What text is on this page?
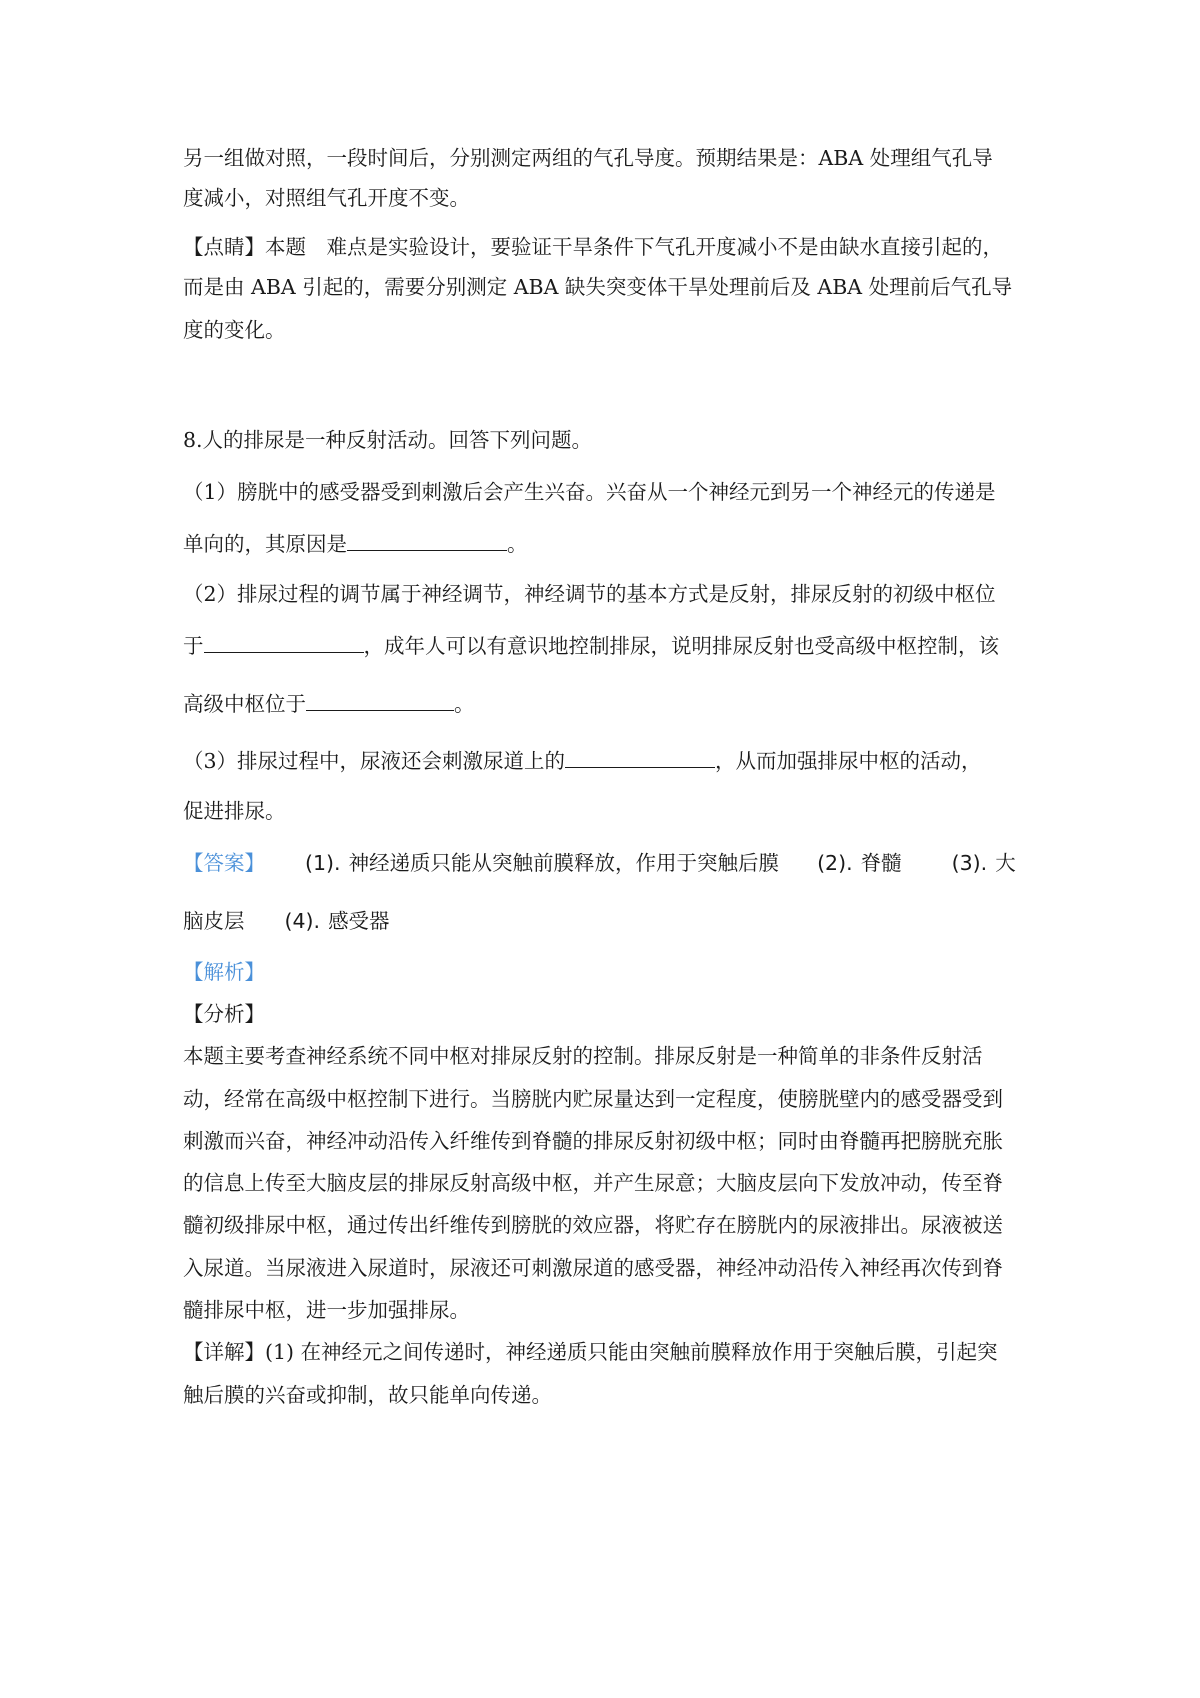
另一组做对照，一段时间后，分别测定两组的气孔导度。预期结果是：ABA 处理组气孔导
度减小，对照组气孔开度不变。
【点睛】本题　难点是实验设计，要验证干旱条件下气孔开度减小不是由缺水直接引起的，
而是由 ABA 引起的，需要分别测定 ABA 缺失突变体干旱处理前后及 ABA 处理前后气孔导
度的变化。
8.人的排尿是一种反射活动。回答下列问题。
（1）膀胱中的感受器受到刺激后会产生兴奋。兴奋从一个神经元到另一个神经元的传递是
单向的，其原因是	。
（2）排尿过程的调节属于神经调节，神经调节的基本方式是反射，排尿反射的初级中枢位
于	，成年人可以有意识地控制排尿，说明排尿反射也受高级中枢控制，该
高级中枢位于	。
（3）排尿过程中，尿液还会刺激尿道上的	，从而加强排尿中枢的活动，
促进排尿。
【答案】 (1). 神经递质只能从突触前膜释放，作用于突触后膜 (2). 脊髓 (3). 大
脑皮层 (4). 感受器
【解析】
【分析】
本题主要考查神经系统不同中枢对排尿反射的控制。排尿反射是一种简单的非条件反射活
动，经常在高级中枢控制下进行。当膀胱内贮尿量达到一定程度，使膀胱壁内的感受器受到
刺激而兴奋，神经冲动沿传入纤维传到脊髓的排尿反射初级中枢；同时由脊髓再把膀胱充胀
的信息上传至大脑皮层的排尿反射高级中枢，并产生尿意；大脑皮层向下发放冲动，传至脊
髓初级排尿中枢，通过传出纤维传到膀胱的效应器，将贮存在膀胱内的尿液排出。尿液被送
入尿道。当尿液进入尿道时，尿液还可刺激尿道的感受器，神经冲动沿传入神经再次传到脊
髓排尿中枢，进一步加强排尿。
【详解】(1) 在神经元之间传递时，神经递质只能由突触前膜释放作用于突触后膜，引起突
触后膜的兴奋或抑制，故只能单向传递。
